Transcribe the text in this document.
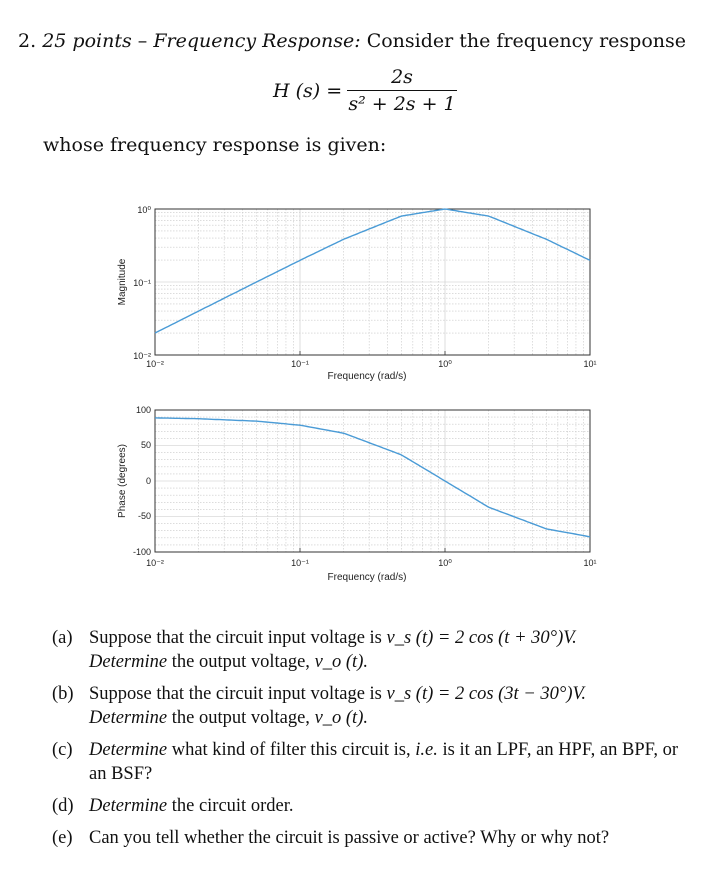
2. 25 points – Frequency Response: Consider the frequency response
H (s) =
2s
s² + 2s + 1
whose frequency response is given:
10⁰
10⁻¹
10⁻²
10⁻²	10⁻¹	10⁰	10¹
Frequency (rad/s)
Magnitude
100
50
0
-50
-100
10⁻²	10⁻¹	10⁰	10¹
Frequency (rad/s)
Phase (degrees)
(a) Suppose that the circuit input voltage is v_s (t) = 2 cos (t + 30°)V.
Determine the output voltage, v_o (t).
(b) Suppose that the circuit input voltage is v_s (t) = 2 cos (3t − 30°)V.
Determine the output voltage, v_o (t).
(c) Determine what kind of filter this circuit is, i.e. is it an LPF, an HPF, an BPF, or an BSF?
(d) Determine the circuit order.
(e) Can you tell whether the circuit is passive or active? Why or why not?
